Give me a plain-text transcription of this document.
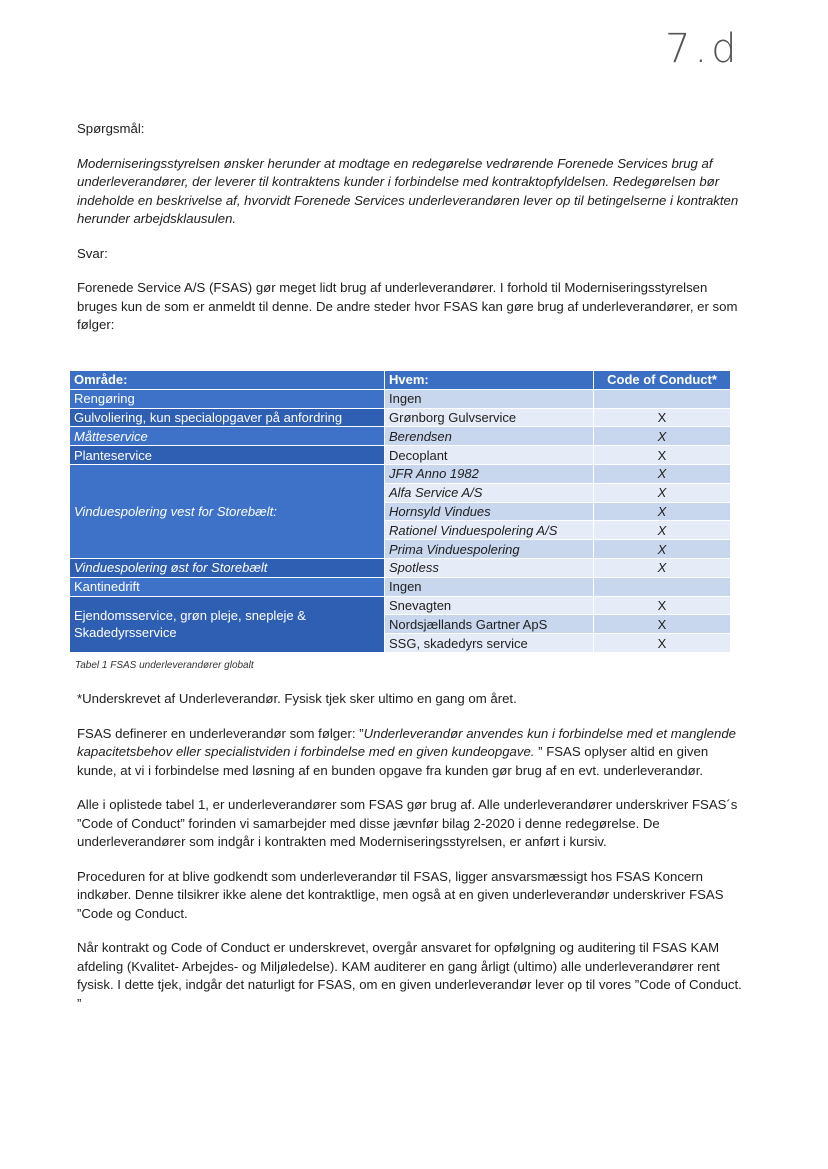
7.d

Spørgsmål:

Moderniseringsstyrelsen ønsker herunder at modtage en redegørelse vedrørende Forenede Services brug af underleverandører, der leverer til kontraktens kunder i forbindelse med kontraktopfyldelsen. Redegørelsen bør indeholde en beskrivelse af, hvorvidt Forenede Services underleverandøren lever op til betingelserne i kontrakten herunder arbejdsklausulen.

Svar:

Forenede Service A/S (FSAS) gør meget lidt brug af underleverandører. I forhold til Moderniseringsstyrelsen bruges kun de som er anmeldt til denne. De andre steder hvor FSAS kan gøre brug af underleverandører, er som følger:

Område:	Hvem:	Code of Conduct*
Rengøring	Ingen	
Gulvoliering, kun specialopgaver på anfordring	Grønborg Gulvservice	X
Måtteservice	Berendsen	X
Planteservice	Decoplant	X
Vinduespolering vest for Storebælt:	JFR Anno 1982	X
	Alfa Service A/S	X
	Hornsyld Vindues	X
	Rationel Vinduespolering A/S	X
	Prima Vinduespolering	X
Vinduespolering øst for Storebælt	Spotless	X
Kantinedrift	Ingen	
Ejendomsservice, grøn pleje, snepleje & Skadedyrsservice	Snevagten	X
	Nordsjællands Gartner ApS	X
	SSG, skadedyrs service	X
Tabel 1 FSAS underleverandører globalt

*Underskrevet af Underleverandør. Fysisk tjek sker ultimo en gang om året.

FSAS definerer en underleverandør som følger: ”Underleverandør anvendes kun i forbindelse med et manglende kapacitetsbehov eller specialistviden i forbindelse med en given kundeopgave. ” FSAS oplyser altid en given kunde, at vi i forbindelse med løsning af en bunden opgave fra kunden gør brug af en evt. underleverandør.

Alle i oplistede tabel 1, er underleverandører som FSAS gør brug af. Alle underleverandører underskriver FSAS´s ”Code of Conduct” forinden vi samarbejder med disse jævnfør bilag 2-2020 i denne redegørelse. De underleverandører som indgår i kontrakten med Moderniseringsstyrelsen, er anført i kursiv.

Proceduren for at blive godkendt som underleverandør til FSAS, ligger ansvarsmæssigt hos FSAS Koncern indkøber. Denne tilsikrer ikke alene det kontraktlige, men også at en given underleverandør underskriver FSAS ”Code og Conduct.

Når kontrakt og Code of Conduct er underskrevet, overgår ansvaret for opfølgning og auditering til FSAS KAM afdeling (Kvalitet- Arbejdes- og Miljøledelse). KAM auditerer en gang årligt (ultimo) alle underleverandører rent fysisk. I dette tjek, indgår det naturligt for FSAS, om en given underleverandør lever op til vores ”Code of Conduct. ”
